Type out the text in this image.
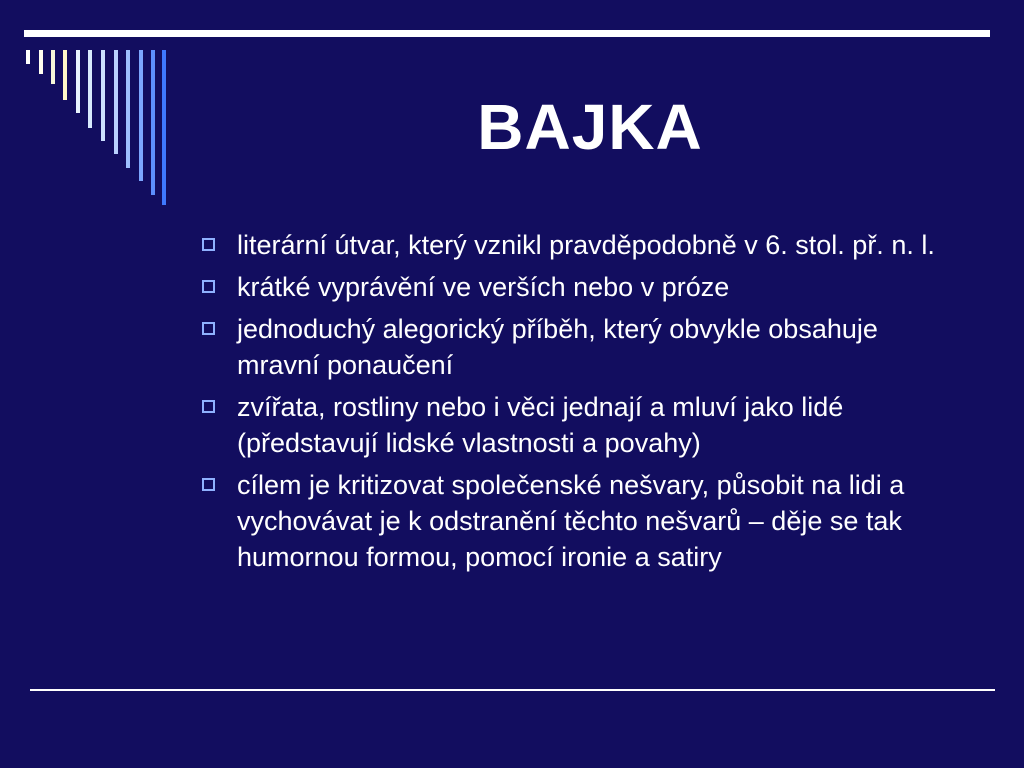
BAJKA
literární útvar, který vznikl pravděpodobně v 6. stol. př. n. l.
krátké vyprávění ve verších nebo v próze
jednoduchý alegorický příběh, který obvykle obsahuje mravní ponaučení
zvířata, rostliny nebo i věci jednají a mluví jako lidé (představují lidské vlastnosti a povahy)
cílem je kritizovat společenské nešvary, působit na lidi a vychovávat je k odstranění těchto nešvarů – děje se tak humornou formou, pomocí ironie a satiry
